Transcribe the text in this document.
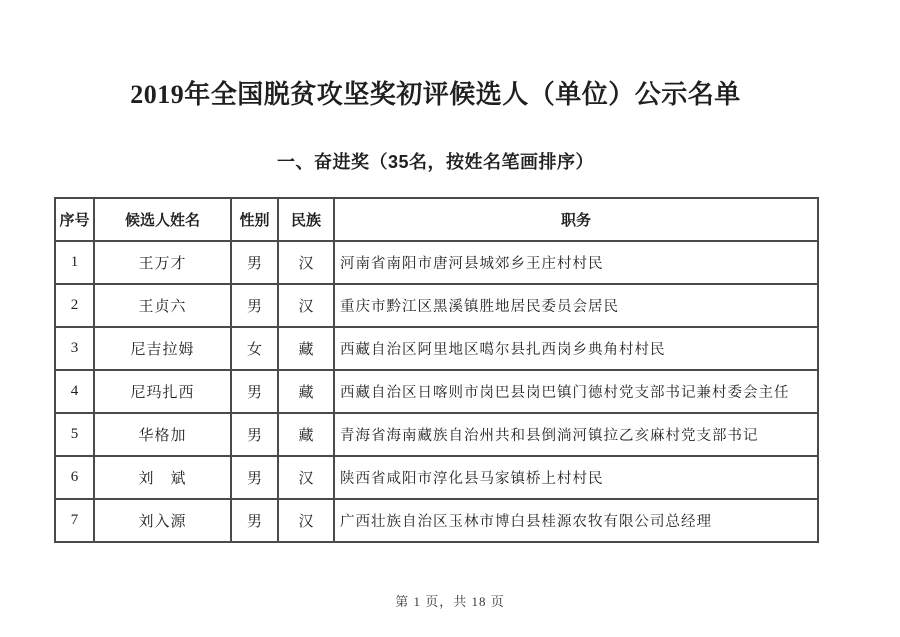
2019年全国脱贫攻坚奖初评候选人（单位）公示名单
一、奋进奖（35名，按姓名笔画排序）
序号	候选人姓名	性别	民族	职务
1	王万才	男	汉	河南省南阳市唐河县城郊乡王庄村村民
2	王贞六	男	汉	重庆市黔江区黑溪镇胜地居民委员会居民
3	尼吉拉姆	女	藏	西藏自治区阿里地区噶尔县扎西岗乡典角村村民
4	尼玛扎西	男	藏	西藏自治区日喀则市岗巴县岗巴镇门德村党支部书记兼村委会主任
5	华格加	男	藏	青海省海南藏族自治州共和县倒淌河镇拉乙亥麻村党支部书记
6	刘　斌	男	汉	陕西省咸阳市淳化县马家镇桥上村村民
7	刘入源	男	汉	广西壮族自治区玉林市博白县桂源农牧有限公司总经理
第 1 页，共 18 页
